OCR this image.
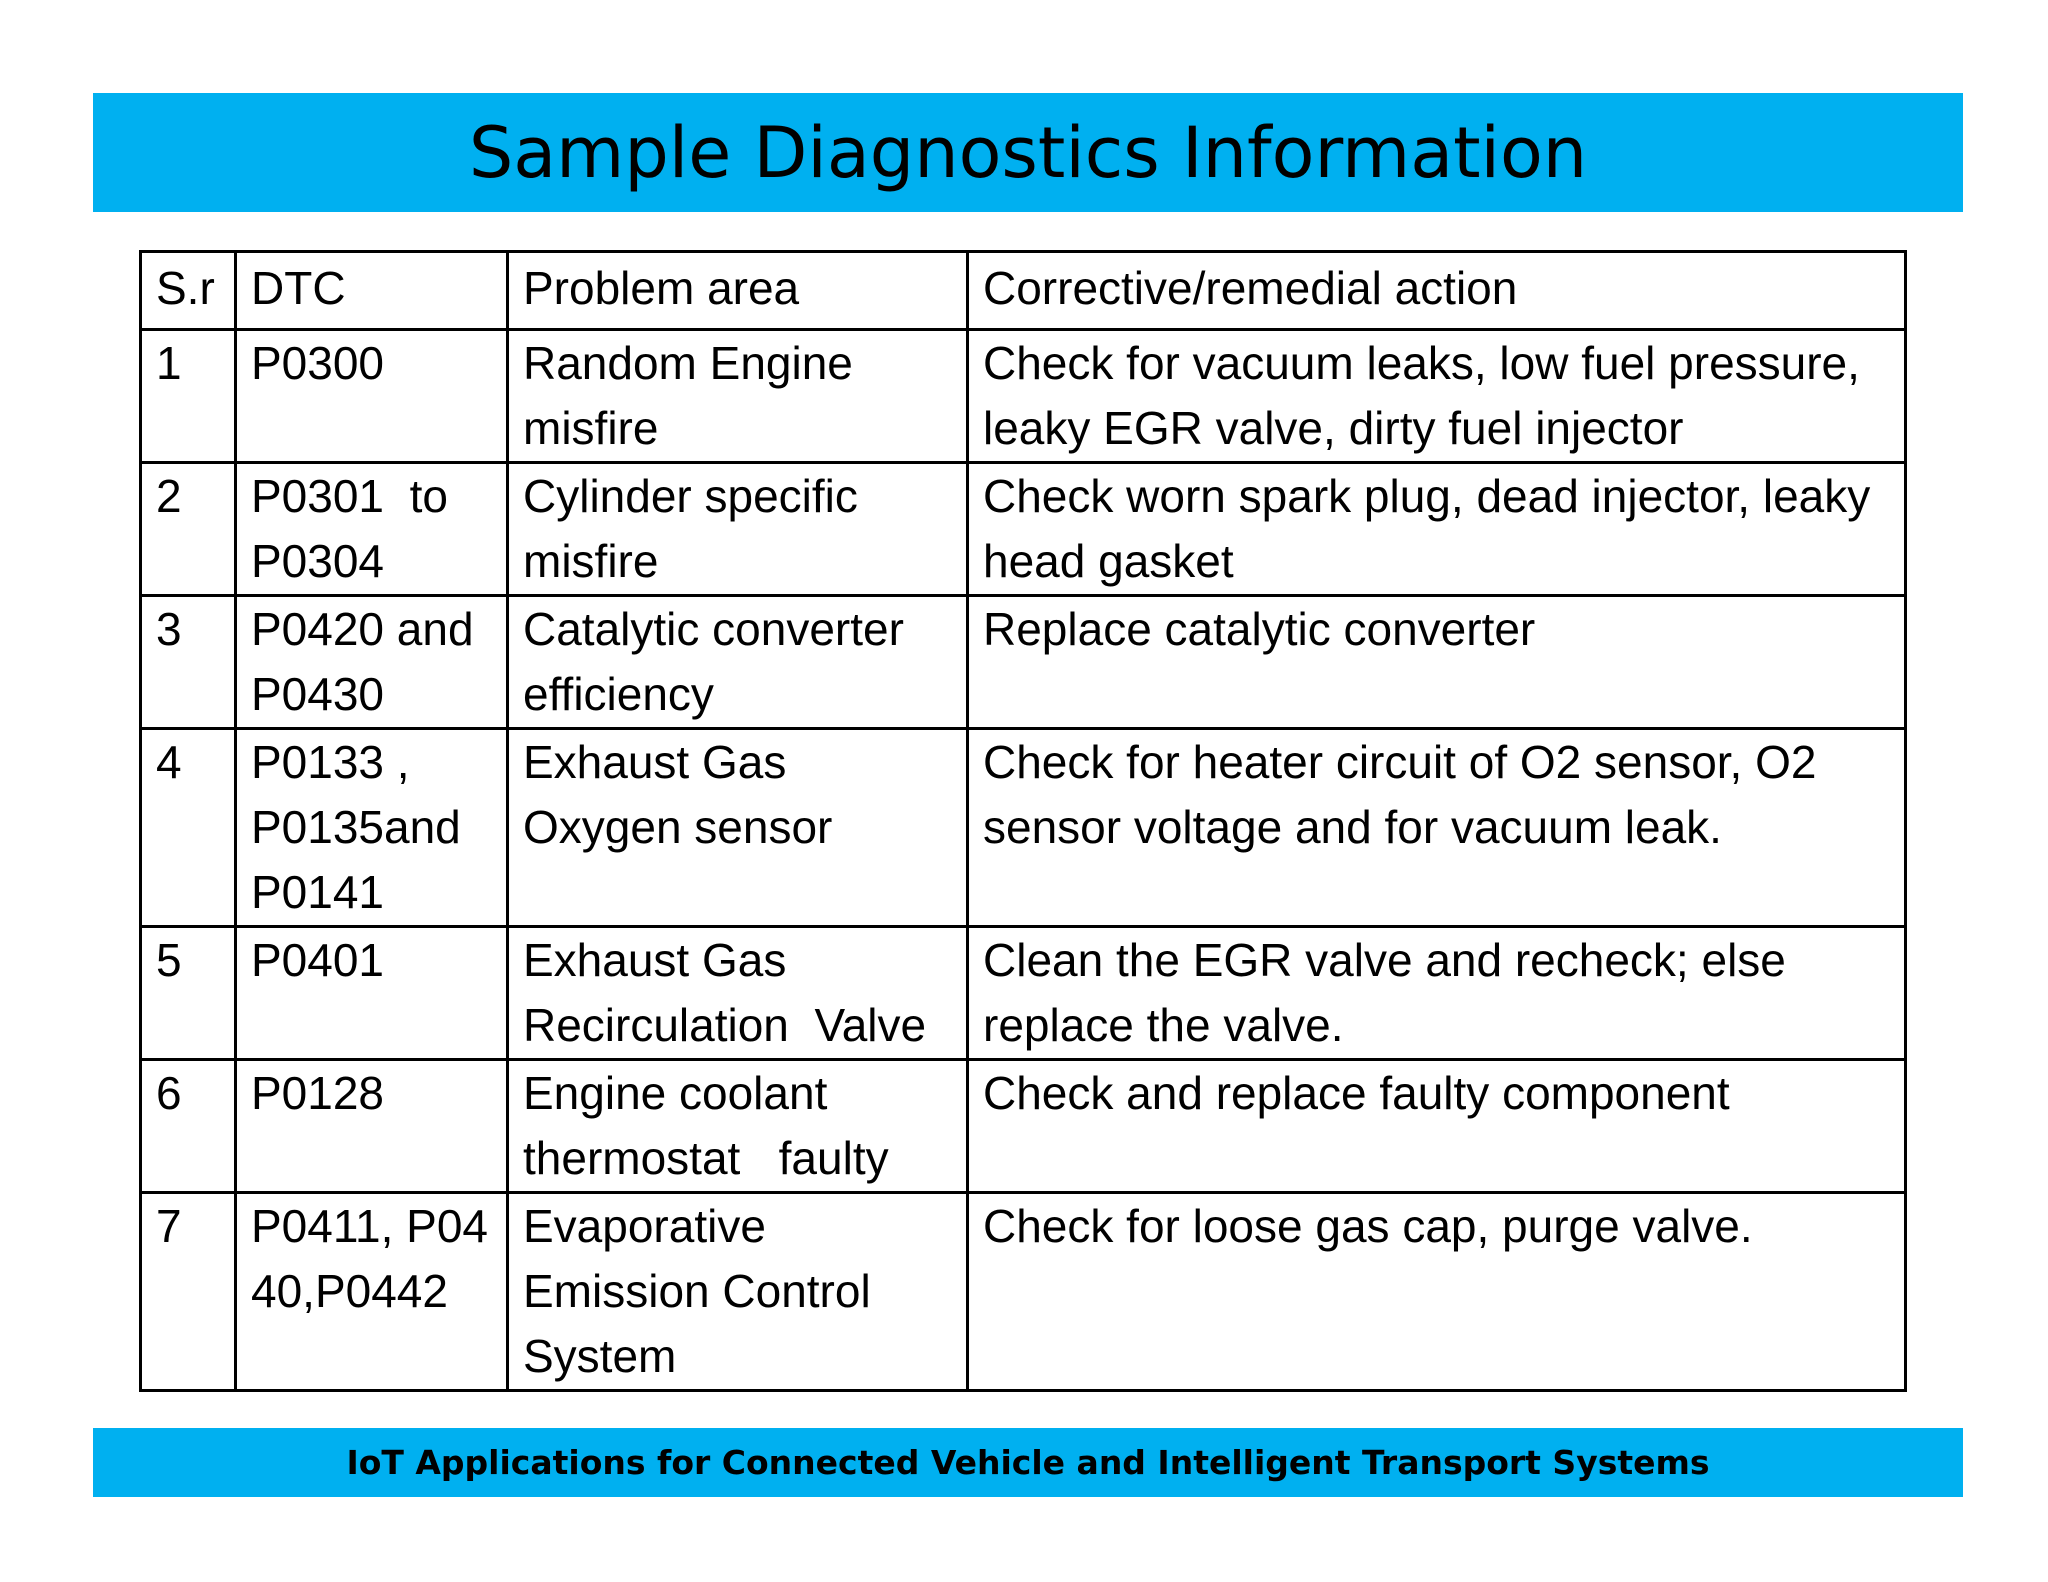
Sample Diagnostics Information
S.r	DTC	Problem area	Corrective/remedial action
1	P0300	Random Engine misfire	Check for vacuum leaks, low fuel pressure, leaky EGR valve, dirty fuel injector
2	P0301  to P0304	Cylinder specific misfire	Check worn spark plug, dead injector, leaky head gasket
3	P0420 and P0430	Catalytic converter efficiency	Replace catalytic converter
4	P0133 , P0135and P0141	Exhaust Gas Oxygen sensor	Check for heater circuit of O2 sensor, O2 sensor voltage and for vacuum leak.
5	P0401	Exhaust Gas Recirculation  Valve	Clean the EGR valve and recheck; else replace the valve.
6	P0128	Engine coolant thermostat   faulty	Check and replace faulty component
7	P0411, P0440,P0442	Evaporative Emission Control System	Check for loose gas cap, purge valve.
IoT Applications for Connected Vehicle and Intelligent Transport Systems
